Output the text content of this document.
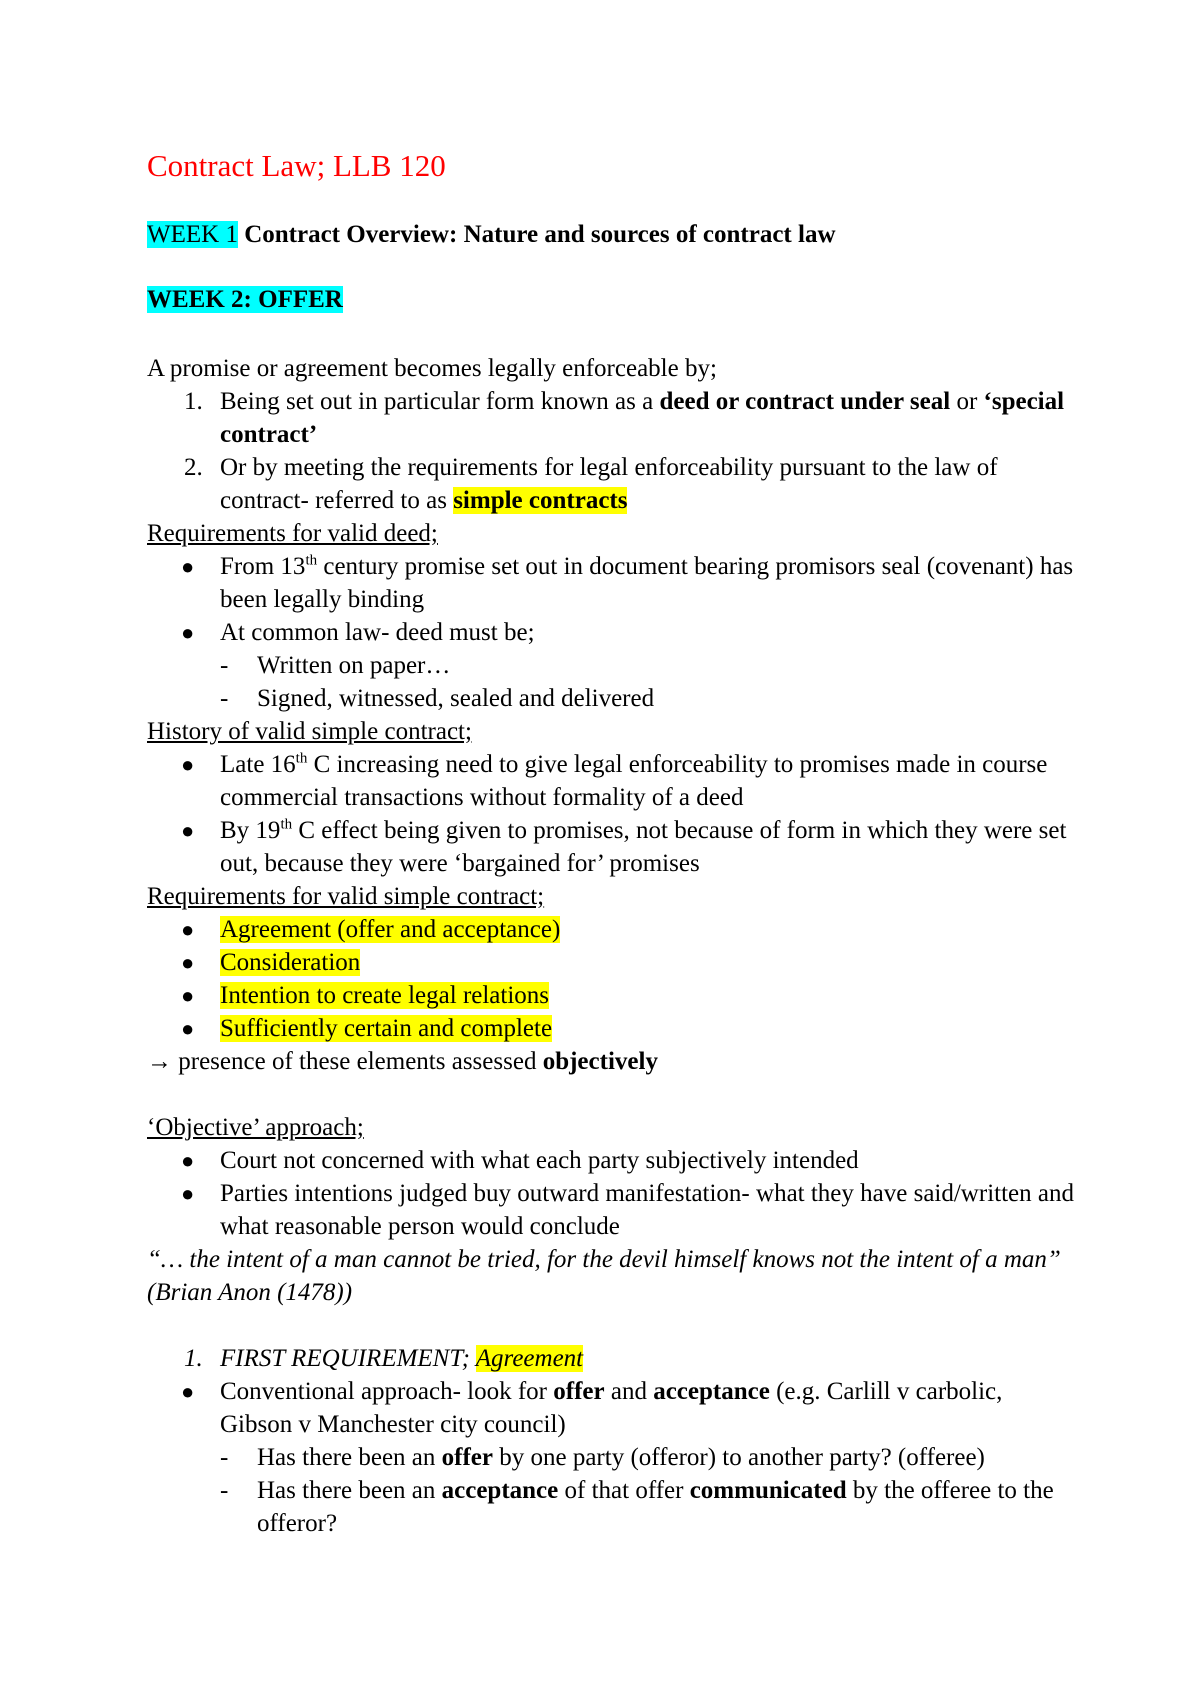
Contract Law; LLB 120
WEEK 1 Contract Overview: Nature and sources of contract law
WEEK 2: OFFER
A promise or agreement becomes legally enforceable by;
1. Being set out in particular form known as a deed or contract under seal or ‘special contract’
2. Or by meeting the requirements for legal enforceability pursuant to the law of contract- referred to as simple contracts
Requirements for valid deed;
● From 13th century promise set out in document bearing promisors seal (covenant) has been legally binding
● At common law- deed must be;
- Written on paper…
- Signed, witnessed, sealed and delivered
History of valid simple contract;
● Late 16th C increasing need to give legal enforceability to promises made in course commercial transactions without formality of a deed
● By 19th C effect being given to promises, not because of form in which they were set out, because they were ‘bargained for’ promises
Requirements for valid simple contract;
● Agreement (offer and acceptance)
● Consideration
● Intention to create legal relations
● Sufficiently certain and complete
→ presence of these elements assessed objectively
‘Objective’ approach;
● Court not concerned with what each party subjectively intended
● Parties intentions judged buy outward manifestation- what they have said/written and what reasonable person would conclude
“… the intent of a man cannot be tried, for the devil himself knows not the intent of a man” (Brian Anon (1478))
1. FIRST REQUIREMENT; Agreement
● Conventional approach- look for offer and acceptance (e.g. Carlill v carbolic, Gibson v Manchester city council)
- Has there been an offer by one party (offeror) to another party? (offeree)
- Has there been an acceptance of that offer communicated by the offeree to the offeror?
